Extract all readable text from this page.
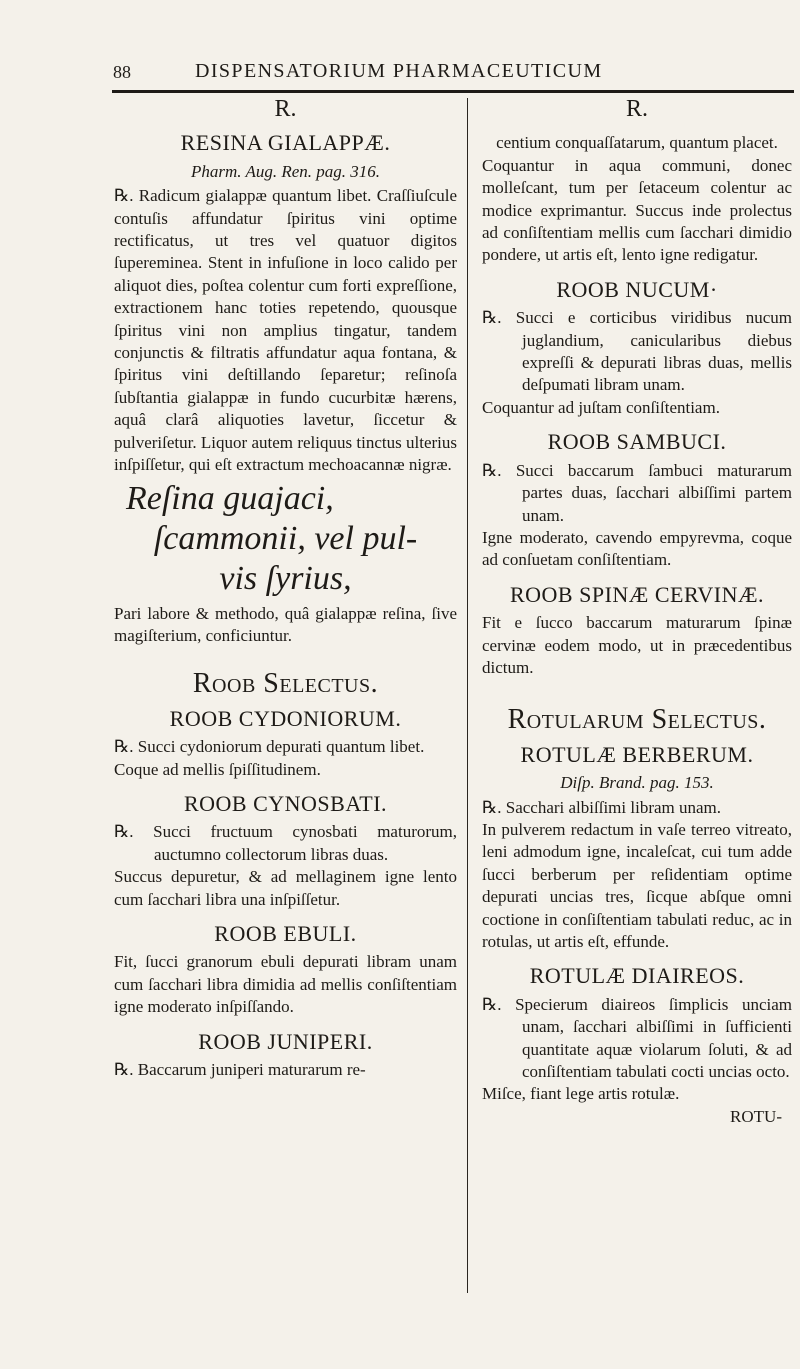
88	DISPENSATORIUM PHARMACEUTICUM
R.
RESINA GIALAPPÆ.
Pharm. Aug. Ren. pag. 316.

℞. Radicum gialappæ quantum libet. Craſſiuſcule contuſis affundatur ſpiritus vini optime rectificatus, ut tres vel quatuor digitos ſupereminea. Stent in infuſione in loco calido per aliquot dies, poſtea colentur cum forti expreſſione, extractionem hanc toties repetendo, quousque ſpiritus vini non amplius tingatur, tandem conjunctis & filtratis affundatur aqua fontana, & ſpiritus vini deſtillando ſeparetur; reſinoſa ſubſtantia gialappæ in fundo cucurbitæ hærens, aquâ clarâ aliquoties lavetur, ſiccetur & pulveriſetur. Liquor autem reliquus tinctus ulterius inſpiſſetur, qui eſt extractum mechoacannæ nigræ.

Reſina guajaci,
ſcammonii, vel pul-
vis ſyrius,

Pari labore & methodo, quâ gialappæ reſina, ſive magiſterium, conficiuntur.

Roob Selectus.
ROOB CYDONIORUM.

℞. Succi cydoniorum depurati quantum libet.

Coque ad mellis ſpiſſitudinem.

ROOB CYNOSBATI.

℞. Succi fructuum cynosbati maturorum, auctumno collectorum libras duas.

Succus depuretur, & ad mellaginem igne lento cum ſacchari libra una inſpiſſetur.

ROOB EBULI.

Fit, ſucci granorum ebuli depurati libram unam cum ſacchari libra dimidia ad mellis conſiſtentiam igne moderato inſpiſſando.

ROOB JUNIPERI.

℞. Baccarum juniperi maturarum re-

R.

centium conquaſſatarum, quantum placet.

Coquantur in aqua communi, donec molleſcant, tum per ſetaceum colentur ac modice exprimantur. Succus inde prolectus ad conſiſtentiam mellis cum ſacchari dimidio pondere, ut artis eſt, lento igne redigatur.

ROOB NUCUM·

℞. Succi e corticibus viridibus nucum juglandium, canicularibus diebus expreſſi & depurati libras duas, mellis deſpumati libram unam.

Coquantur ad juſtam conſiſtentiam.

ROOB SAMBUCI.

℞. Succi baccarum ſambuci maturarum partes duas, ſacchari albiſſimi partem unam.

Igne moderato, cavendo empyrevma, coque ad conſuetam conſiſtentiam.

ROOB SPINÆ CERVINÆ.

Fit e ſucco baccarum maturarum ſpinæ cervinæ eodem modo, ut in præcedentibus dictum.

Rotularum Selectus.
ROTULÆ BERBERUM.
Diſp. Brand. pag. 153.

℞. Sacchari albiſſimi libram unam.

In pulverem redactum in vaſe terreo vitreato, leni admodum igne, incaleſcat, cui tum adde ſucci berberum per reſidentiam optime depurati uncias tres, ſicque abſque omni coctione in conſiſtentiam tabulati reduc, ac in rotulas, ut artis eſt, effunde.

ROTULÆ DIAIREOS.

℞. Specierum diaireos ſimplicis unciam unam, ſacchari albiſſimi in ſufficienti quantitate aquæ violarum ſoluti, & ad conſiſtentiam tabulati cocti uncias octo.

Miſce, fiant lege artis rotulæ.

ROTU-
